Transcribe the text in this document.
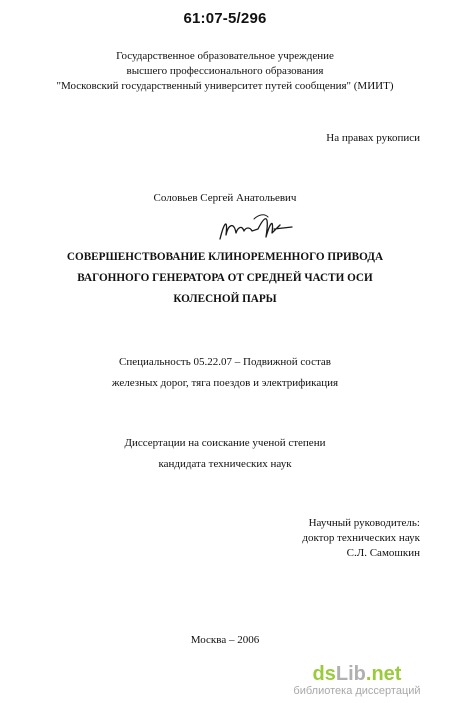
61:07-5/296
Государственное образовательное учреждение
высшего профессионального образования
"Московский государственный университет путей сообщения" (МИИТ)
На правах рукописи
Соловьев Сергей Анатольевич
СОВЕРШЕНСТВОВАНИЕ КЛИНОРЕМЕННОГО ПРИВОДА
ВАГОННОГО ГЕНЕРАТОРА ОТ СРЕДНЕЙ ЧАСТИ ОСИ
КОЛЕСНОЙ ПАРЫ
Специальность 05.22.07 – Подвижной состав
железных дорог, тяга поездов и электрификация
Диссертации на соискание ученой степени
кандидата технических наук
Научный руководитель:
доктор технических наук
С.Л. Самошкин
Москва – 2006
dsLib.net
библиотека диссертаций
